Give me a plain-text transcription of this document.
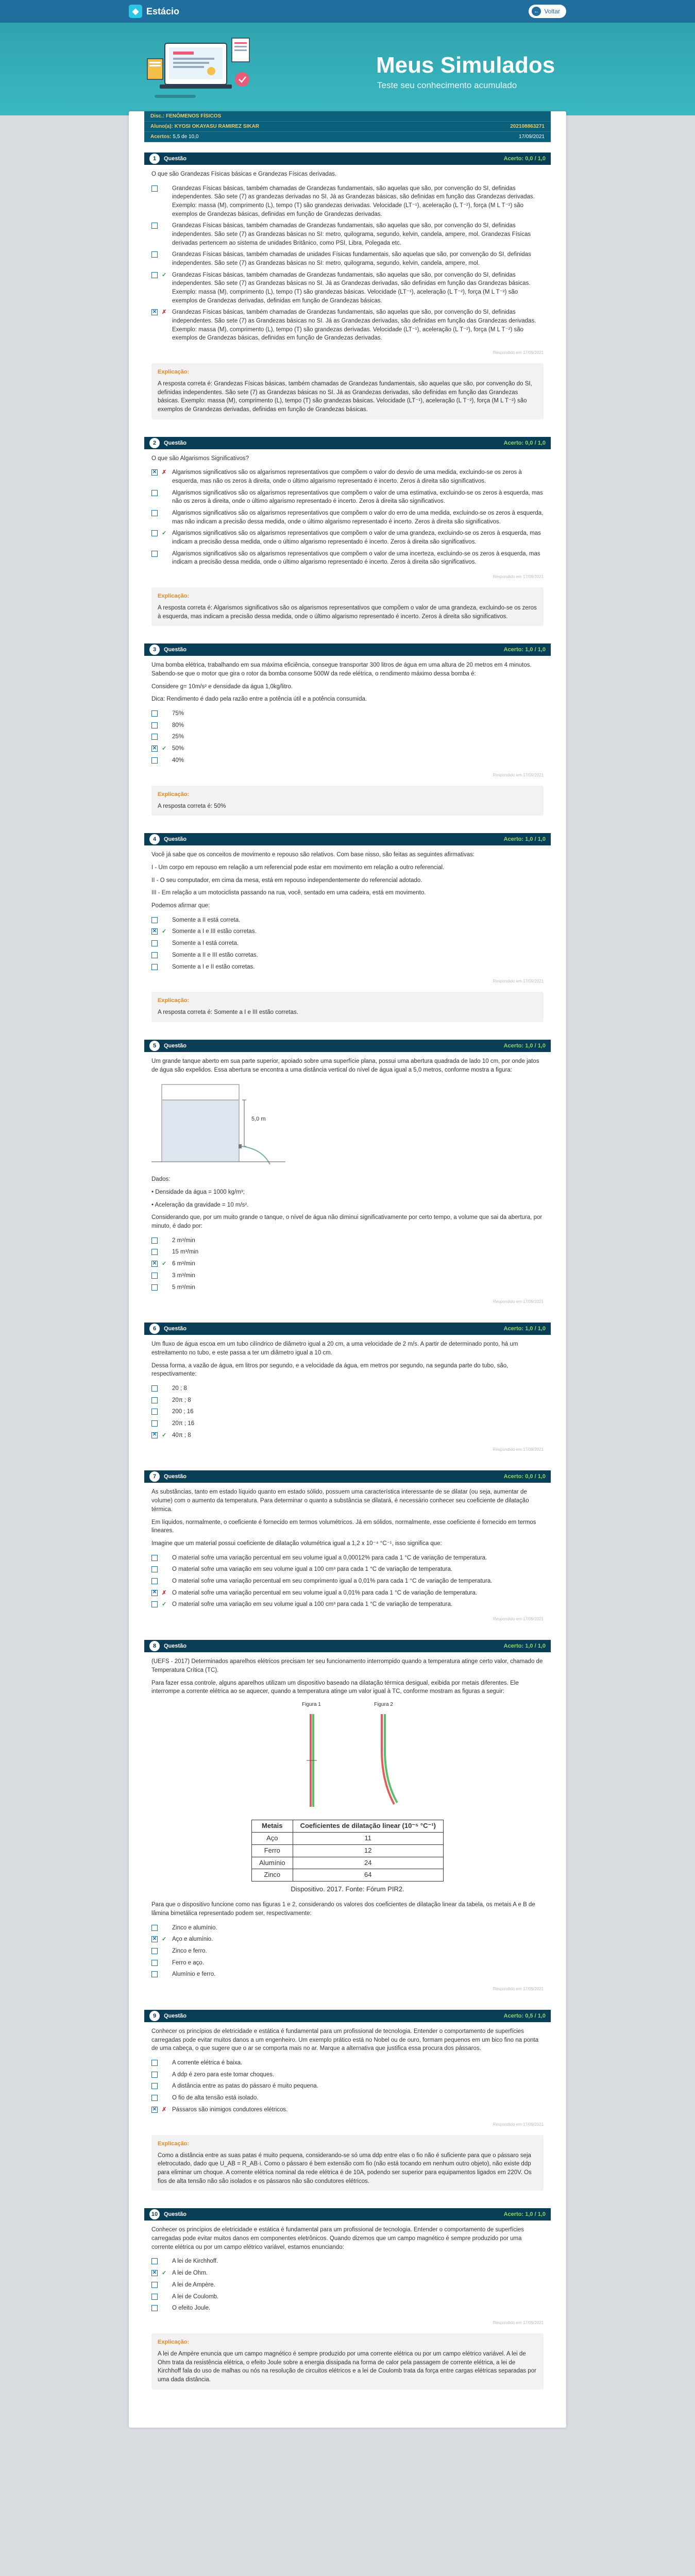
◆ Estácio	← Voltar
Meus Simulados
Teste seu conhecimento acumulado
Disc.: FENÔMENOS FÍSICOS
Aluno(a): KYOSI OKAYASU RAMIREZ SIKAR	202108863271
Acertos: 5,5 de 10,0	17/09/2021
1	Questão	Acerto: 0,0 / 1,0

O que são Grandezas Físicas básicas e Grandezas Físicas derivadas.

Grandezas Físicas básicas, também chamadas de Grandezas fundamentais, são aquelas que são, por convenção do SI, definidas independentes. São sete (7) as grandezas derivadas no SI. Já as Grandezas básicas, são definidas em função das Grandezas derivadas. Exemplo: massa (M), comprimento (L), tempo (T) são grandezas derivadas. Velocidade (LT⁻¹), aceleração (L T⁻²), força (M L T⁻²) são exemplos de Grandezas básicas, definidas em função de Grandezas derivadas.
Grandezas Físicas básicas, também chamadas de Grandezas fundamentais, são aquelas que são, por convenção do SI, definidas independentes. São sete (7) as Grandezas básicas no SI: metro, quilograma, segundo, kelvin, candela, ampere, mol. Grandezas Físicas derivadas pertencem ao sistema de unidades Britânico, como PSI, Libra, Polegada etc.
Grandezas Físicas básicas, também chamadas de unidades Físicas fundamentais, são aquelas que são, por convenção do SI, definidas independentes. São sete (7) as Grandezas básicas no SI: metro, quilograma, segundo, kelvin, candela, ampere, mol.
✓ Grandezas Físicas básicas, também chamadas de Grandezas fundamentais, são aquelas que são, por convenção do SI, definidas independentes. São sete (7) as Grandezas básicas no SI. Já as Grandezas derivadas, são definidas em função das Grandezas básicas. Exemplo: massa (M), comprimento (L), tempo (T) são grandezas básicas. Velocidade (LT⁻¹), aceleração (L T⁻²), força (M L T⁻²) são exemplos de Grandezas derivadas, definidas em função de Grandezas básicas.
✕ ✗ Grandezas Físicas básicas, também chamadas de Grandezas fundamentais, são aquelas que são, por convenção do SI, definidas independentes. São sete (7) as Grandezas básicas no SI. Já as Grandezas derivadas, são definidas em função das Grandezas derivadas. Exemplo: massa (M), comprimento (L), tempo (T) são grandezas derivadas. Velocidade (LT⁻¹), aceleração (L T⁻²), força (M L T⁻²) são exemplos de Grandezas básicas, definidas em função de Grandezas derivadas.
Respondido em 17/09/2021
Explicação:
A resposta correta é: Grandezas Físicas básicas, também chamadas de Grandezas fundamentais, são aquelas que são, por convenção do SI, definidas independentes. São sete (7) as Grandezas básicas no SI. Já as Grandezas derivadas, são definidas em função das Grandezas básicas. Exemplo: massa (M), comprimento (L), tempo (T) são grandezas básicas. Velocidade (LT⁻¹), aceleração (L T⁻²), força (M L T⁻²) são exemplos de Grandezas derivadas, definidas em função de Grandezas básicas.
2	Questão	Acerto: 0,0 / 1,0

O que são Algarismos Significativos?

✕ ✗ Algarismos significativos são os algarismos representativos que compõem o valor do desvio de uma medida, excluindo-se os zeros à esquerda, mas não os zeros à direita, onde o último algarismo representado é incerto. Zeros à direita são significativos.
Algarismos significativos são os algarismos representativos que compõem o valor de uma estimativa, excluindo-se os zeros à esquerda, mas não os zeros à direita, onde o último algarismo representado é incerto. Zeros à direita são significativos.
Algarismos significativos são os algarismos representativos que compõem o valor do erro de uma medida, excluindo-se os zeros à esquerda, mas não indicam a precisão dessa medida, onde o último algarismo representado é incerto. Zeros à direita são significativos.
✓ Algarismos significativos são os algarismos representativos que compõem o valor de uma grandeza, excluindo-se os zeros à esquerda, mas indicam a precisão dessa medida, onde o último algarismo representado é incerto. Zeros à direita são significativos.
Algarismos significativos são os algarismos representativos que compõem o valor de uma incerteza, excluindo-se os zeros à esquerda, mas indicam a precisão dessa medida, onde o último algarismo representado é incerto. Zeros à direita são significativos.
Respondido em 17/09/2021
Explicação:
A resposta correta é: Algarismos significativos são os algarismos representativos que compõem o valor de uma grandeza, excluindo-se os zeros à esquerda, mas indicam a precisão dessa medida, onde o último algarismo representado é incerto. Zeros à direita são significativos.
3	Questão	Acerto: 1,0 / 1,0

Uma bomba elétrica, trabalhando em sua máxima eficiência, consegue transportar 300 litros de água em uma altura de 20 metros em 4 minutos. Sabendo-se que o motor que gira o rotor da bomba consome 500W da rede elétrica, o rendimento máximo dessa bomba é:

Considere g= 10m/s² e densidade da água 1,0kg/litro.

Dica: Rendimento é dado pela razão entre a potência útil e a potência consumida.

75%
80%
25%
✕ ✓ 50%
40%
Respondido em 17/09/2021
Explicação:
A resposta correta é: 50%
4	Questão	Acerto: 1,0 / 1,0

Você já sabe que os conceitos de movimento e repouso são relativos. Com base nisso, são feitas as seguintes afirmativas:

I - Um corpo em repouso em relação a um referencial pode estar em movimento em relação a outro referencial.

II - O seu computador, em cima da mesa, está em repouso independentemente do referencial adotado.

III - Em relação a um motociclista passando na rua, você, sentado em uma cadeira, está em movimento.

Podemos afirmar que:

Somente a II está correta.
✕ ✓ Somente a I e III estão corretas.
Somente a I está correta.
Somente a II e III estão corretas.
Somente a I e II estão corretas.
Respondido em 17/09/2021
Explicação:
A resposta correta é: Somente a I e III estão corretas.
5	Questão	Acerto: 1,0 / 1,0

Um grande tanque aberto em sua parte superior, apoiado sobre uma superfície plana, possui uma abertura quadrada de lado 10 cm, por onde jatos de água são expelidos. Essa abertura se encontra a uma distância vertical do nível de água igual a 5,0 metros, conforme mostra a figura:

5,0 m

Dados:

• Densidade da água = 1000 kg/m³;

• Aceleração da gravidade = 10 m/s².

Considerando que, por um muito grande o tanque, o nível de água não diminui significativamente por certo tempo, a volume que sai da abertura, por minuto, é dado por:

2 m³/min
15 m³/min
✕ ✓ 6 m³/min
3 m³/min
5 m³/min
Respondido em 17/09/2021
6	Questão	Acerto: 1,0 / 1,0

Um fluxo de água escoa em um tubo cilíndrico de diâmetro igual a 20 cm, a uma velocidade de 2 m/s. A partir de determinado ponto, há um estreitamento no tubo, e este passa a ter um diâmetro igual a 10 cm.

Dessa forma, a vazão de água, em litros por segundo, e a velocidade da água, em metros por segundo, na segunda parte do tubo, são, respectivamente:

20 ; 8
20π ; 8
200 ; 16
20π ; 16
✕ ✓ 40π ; 8
Respondido em 17/09/2021
7	Questão	Acerto: 0,0 / 1,0

As substâncias, tanto em estado líquido quanto em estado sólido, possuem uma característica interessante de se dilatar (ou seja, aumentar de volume) com o aumento da temperatura. Para determinar o quanto a substância se dilatará, é necessário conhecer seu coeficiente de dilatação térmica.

Em líquidos, normalmente, o coeficiente é fornecido em termos volumétricos. Já em sólidos, normalmente, esse coeficiente é fornecido em termos lineares.

Imagine que um material possui coeficiente de dilatação volumétrica igual a 1,2 x 10⁻⁴ °C⁻¹, isso significa que:

O material sofre uma variação percentual em seu volume igual a 0,00012% para cada 1 °C de variação de temperatura.
O material sofre uma variação em seu volume igual a 100 cm³ para cada 1 °C de variação de temperatura.
O material sofre uma variação percentual em seu comprimento igual a 0,01% para cada 1 °C de variação de temperatura.
✕ ✗ O material sofre uma variação percentual em seu volume igual a 0,01% para cada 1 °C de variação de temperatura.
✓ O material sofre uma variação em seu volume igual a 100 cm³ para cada 1 °C de variação de temperatura.
Respondido em 17/09/2021
8	Questão	Acerto: 1,0 / 1,0

(UEFS - 2017) Determinados aparelhos elétricos precisam ter seu funcionamento interrompido quando a temperatura atinge certo valor, chamado de Temperatura Crítica (TC).

Para fazer essa controle, alguns aparelhos utilizam um dispositivo baseado na dilatação térmica desigual, exibida por metais diferentes. Ele interrompe a corrente elétrica ao se aquecer, quando a temperatura atinge um valor igual à TC, conforme mostram as figuras a seguir:

Figura 1	Figura 2
Metais	Coeficientes de dilatação linear (10⁻⁵ °C⁻¹)
Aço	11
Ferro	12
Alumínio	24
Zinco	64
Dispositivo. 2017. Fonte: Fórum PIR2.

Para que o dispositivo funcione como nas figuras 1 e 2, considerando os valores dos coeficientes de dilatação linear da tabela, os metais A e B de lâmina bimetálica representado podem ser, respectivamente:

Zinco e alumínio.
✕ ✓ Aço e alumínio.
Zinco e ferro.
Ferro e aço.
Alumínio e ferro.
Respondido em 17/09/2021
9	Questão	Acerto: 0,5 / 1,0

Conhecer os princípios de eletricidade e estática é fundamental para um profissional de tecnologia. Entender o comportamento de superfícies carregadas pode evitar muitos danos a um engenheiro. Um exemplo prático está no Nobel ou de ouro, formam pequenos em um bico fino na ponta de uma cabeça, o que sugere que o ar se comporta mais no ar. Marque a alternativa que justifica essa procura dos pássaros.

A corrente elétrica é baixa.
A ddp é zero para este tomar choques.
A distância entre as patas do pássaro é muito pequena.
O fio de alta tensão está isolado.
✕ ✗ Pássaros são inimigos condutores elétricos.
Respondido em 17/09/2021
Explicação:
Como a distância entre as suas patas é muito pequena, considerando-se só uma ddp entre elas o fio não é suficiente para que o pássaro seja eletrocutado, dado que U_AB = R_AB·i. Como o pássaro é bem extensão com fio (não está tocando em nenhum outro objeto), não existe ddp para eliminar um choque. A corrente elétrica nominal da rede elétrica é de 10A, podendo ser superior para equipamentos ligados em 220V. Os fios de alta tensão não são isolados e os pássaros não são condutores elétricos.
10	Questão	Acerto: 1,0 / 1,0

Conhecer os princípios de eletricidade e estática é fundamental para um profissional de tecnologia. Entender o comportamento de superfícies carregadas pode evitar muitos danos em componentes eletrônicos. Quando dizemos que um campo magnético é sempre produzido por uma corrente elétrica ou por um campo elétrico variável, estamos enunciando:

A lei de Kirchhoff.
✕ ✓ A lei de Ohm.
A lei de Ampère.
A lei de Coulomb.
O efeito Joule.
Respondido em 17/09/2021
Explicação:
A lei de Ampère enuncia que um campo magnético é sempre produzido por uma corrente elétrica ou por um campo elétrico variável. A lei de Ohm trata da resistência elétrica, o efeito Joule sobre a energia dissipada na forma de calor pela passagem de corrente elétrica, a lei de Kirchhoff fala do uso de malhas ou nós na resolução de circuitos elétricos e a lei de Coulomb trata da força entre cargas elétricas separadas por uma dada distância.
